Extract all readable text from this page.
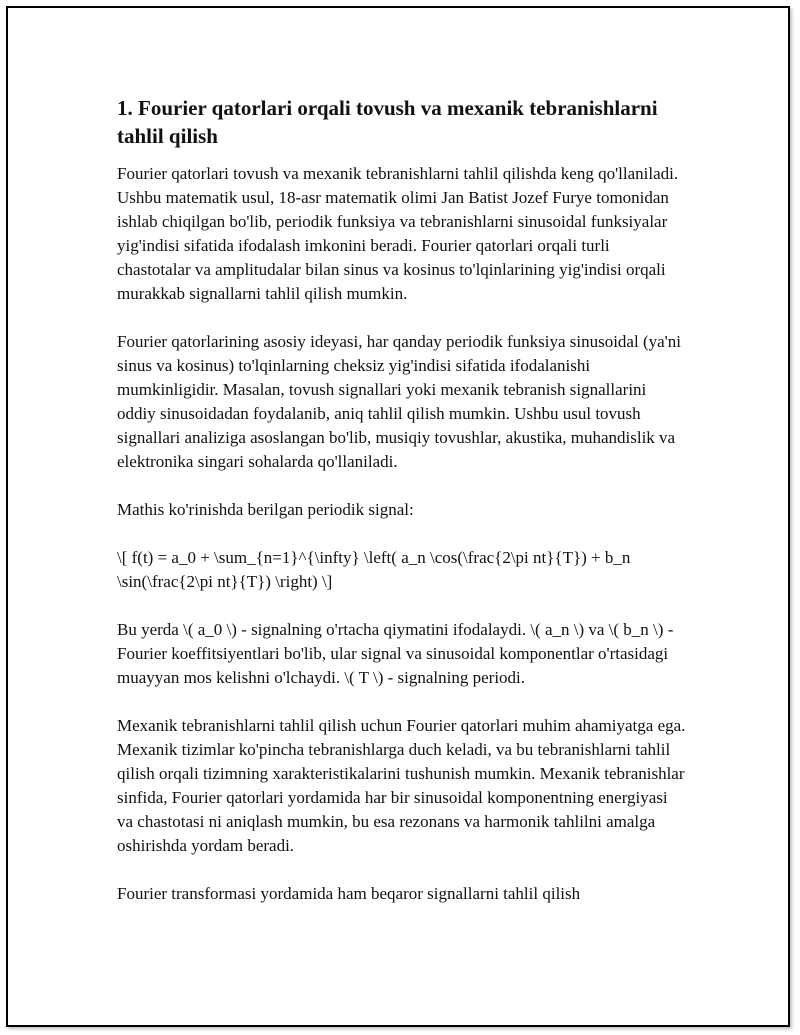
1. Fourier qatorlari orqali tovush va mexanik tebranishlarni tahlil qilish

Fourier qatorlari tovush va mexanik tebranishlarni tahlil qilishda keng qo'llaniladi. Ushbu matematik usul, 18-asr matematik olimi Jan Batist Jozef Furye tomonidan ishlab chiqilgan bo'lib, periodik funksiya va tebranishlarni sinusoidal funksiyalar yig'indisi sifatida ifodalash imkonini beradi. Fourier qatorlari orqali turli chastotalar va amplitudalar bilan sinus va kosinus to'lqinlarining yig'indisi orqali murakkab signallarni tahlil qilish mumkin.

Fourier qatorlarining asosiy ideyasi, har qanday periodik funksiya sinusoidal (ya'ni sinus va kosinus) to'lqinlarning cheksiz yig'indisi sifatida ifodalanishi mumkinligidir. Masalan, tovush signallari yoki mexanik tebranish signallarini oddiy sinusoidadan foydalanib, aniq tahlil qilish mumkin. Ushbu usul tovush signallari analiziga asoslangan bo'lib, musiqiy tovushlar, akustika, muhandislik va elektronika singari sohalarda qo'llaniladi.

Mathis ko'rinishda berilgan periodik signal:

\[ f(t) = a_0 + \sum_{n=1}^{\infty} \left( a_n \cos(\frac{2\pi nt}{T}) + b_n \sin(\frac{2\pi nt}{T}) \right) \]

Bu yerda \( a_0 \) - signalning o'rtacha qiymatini ifodalaydi. \( a_n \) va \( b_n \) - Fourier koeffitsiyentlari bo'lib, ular signal va sinusoidal komponentlar o'rtasidagi muayyan mos kelishni o'lchaydi. \( T \) - signalning periodi.

Mexanik tebranishlarni tahlil qilish uchun Fourier qatorlari muhim ahamiyatga ega. Mexanik tizimlar ko'pincha tebranishlarga duch keladi, va bu tebranishlarni tahlil qilish orqali tizimning xarakteristikalarini tushunish mumkin. Mexanik tebranishlar sinfida, Fourier qatorlari yordamida har bir sinusoidal komponentning energiyasi va chastotasi ni aniqlash mumkin, bu esa rezonans va harmonik tahlilni amalga oshirishda yordam beradi.

Fourier transformasi yordamida ham beqaror signallarni tahlil qilish
